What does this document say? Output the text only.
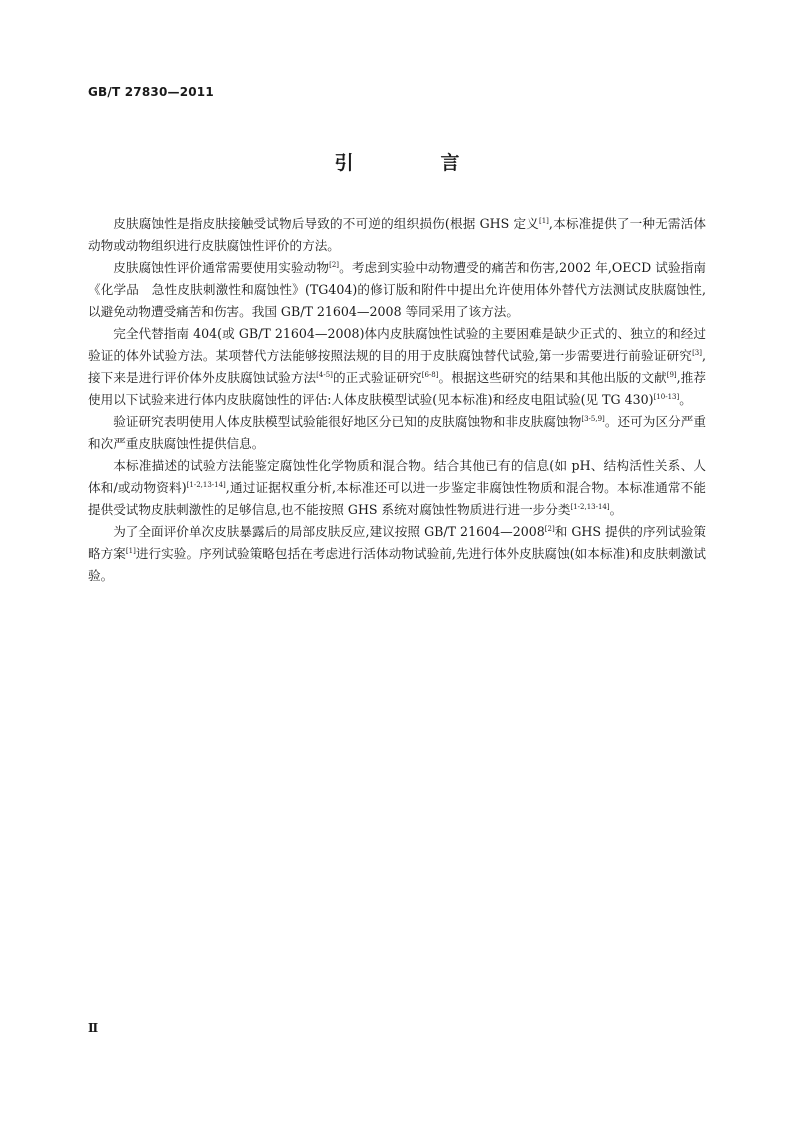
GB/T 27830—2011
引　言

皮肤腐蚀性是指皮肤接触受试物后导致的不可逆的组织损伤(根据 GHS 定义[1],本标准提供了一种无需活体动物或动物组织进行皮肤腐蚀性评价的方法。

皮肤腐蚀性评价通常需要使用实验动物[2]。考虑到实验中动物遭受的痛苦和伤害,2002 年,OECD 试验指南《化学品　急性皮肤刺激性和腐蚀性》(TG404)的修订版和附件中提出允许使用体外替代方法测试皮肤腐蚀性,以避免动物遭受痛苦和伤害。我国 GB/T 21604—2008 等同采用了该方法。

完全代替指南 404(或 GB/T 21604—2008)体内皮肤腐蚀性试验的主要困难是缺少正式的、独立的和经过验证的体外试验方法。某项替代方法能够按照法规的目的用于皮肤腐蚀替代试验,第一步需要进行前验证研究[3],接下来是进行评价体外皮肤腐蚀试验方法[4-5]的正式验证研究[6-8]。根据这些研究的结果和其他出版的文献[9],推荐使用以下试验来进行体内皮肤腐蚀性的评估:人体皮肤模型试验(见本标准)和经皮电阻试验(见 TG 430)[10-13]。

验证研究表明使用人体皮肤模型试验能很好地区分已知的皮肤腐蚀物和非皮肤腐蚀物[3-5,9]。还可为区分严重和次严重皮肤腐蚀性提供信息。

本标准描述的试验方法能鉴定腐蚀性化学物质和混合物。结合其他已有的信息(如 pH、结构活性关系、人体和/或动物资料)[1-2,13-14],通过证据权重分析,本标准还可以进一步鉴定非腐蚀性物质和混合物。本标准通常不能提供受试物皮肤刺激性的足够信息,也不能按照 GHS 系统对腐蚀性物质进行进一步分类[1-2,13-14]。

为了全面评价单次皮肤暴露后的局部皮肤反应,建议按照 GB/T 21604—2008[2]和 GHS 提供的序列试验策略方案[1]进行实验。序列试验策略包括在考虑进行活体动物试验前,先进行体外皮肤腐蚀(如本标准)和皮肤刺激试验。

Ⅱ
